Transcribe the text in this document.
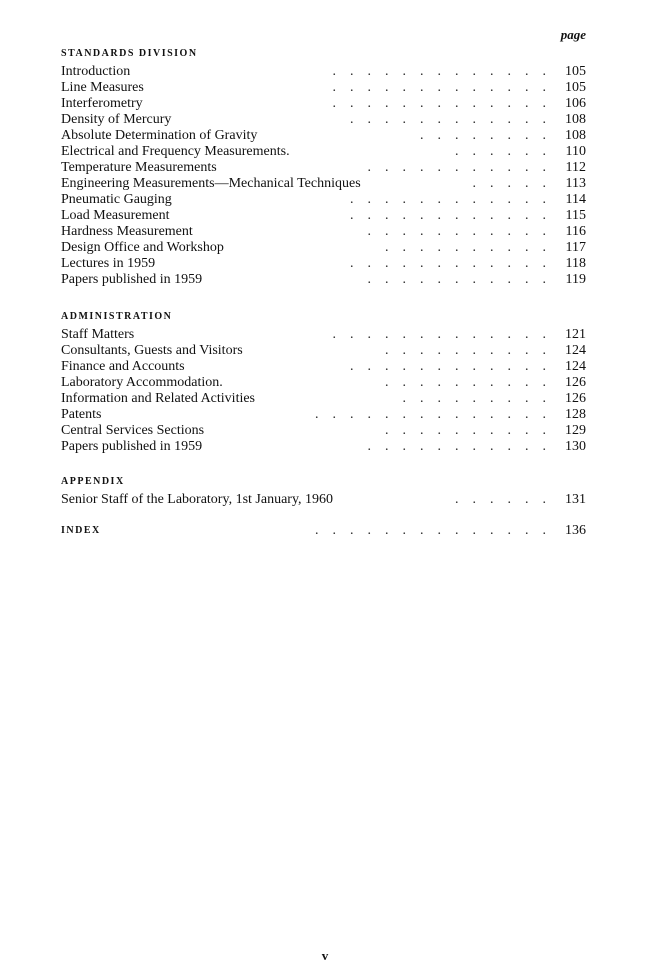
page
STANDARDS DIVISION
Introduction	............. 105
Line Measures	............. 105
Interferometry	............. 106
Density of Mercury	............ 108
Absolute Determination of Gravity	........ 108
Electrical and Frequency Measurements.	...... 110
Temperature Measurements	........... 112
Engineering Measurements—Mechanical Techniques	..... 113
Pneumatic Gauging	............ 114
Load Measurement	............ 115
Hardness Measurement	........... 116
Design Office and Workshop	.......... 117
Lectures in 1959	............ 118
Papers published in 1959	........... 119
ADMINISTRATION
Staff Matters	............. 121
Consultants, Guests and Visitors	.......... 124
Finance and Accounts	............ 124
Laboratory Accommodation.	.......... 126
Information and Related Activities	......... 126
Patents	.............. 128
Central Services Sections	.......... 129
Papers published in 1959	........... 130
APPENDIX
Senior Staff of the Laboratory, 1st January, 1960	...... 131
INDEX	.............. 136
v
